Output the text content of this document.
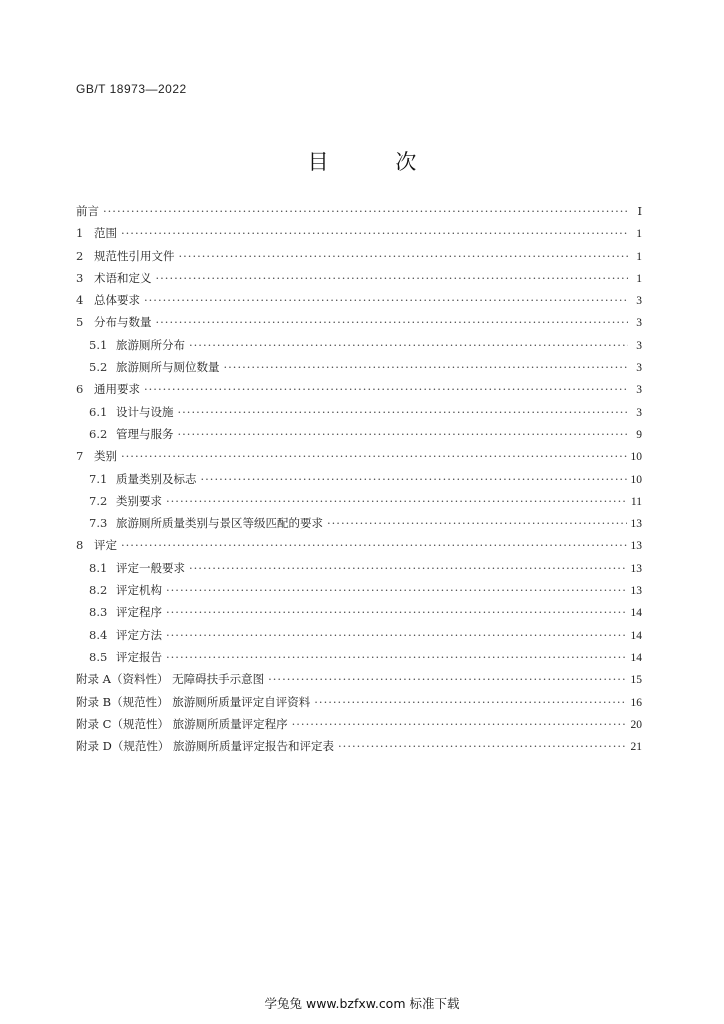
GB/T 18973—2022
目 次
前言 ·····	Ⅰ
1 范围 ·····	1
2 规范性引用文件 ·····	1
3 术语和定义 ·····	1
4 总体要求 ·····	3
5 分布与数量 ·····	3
5.1 旅游厕所分布 ·····	3
5.2 旅游厕所与厕位数量 ·····	3
6 通用要求 ·····	3
6.1 设计与设施 ·····	3
6.2 管理与服务 ·····	9
7 类别 ·····	10
7.1 质量类别及标志 ·····	10
7.2 类别要求 ·····	11
7.3 旅游厕所质量类别与景区等级匹配的要求 ·····	13
8 评定 ·····	13
8.1 评定一般要求 ·····	13
8.2 评定机构 ·····	13
8.3 评定程序 ·····	14
8.4 评定方法 ·····	14
8.5 评定报告 ·····	14
附录 A（资料性） 无障碍扶手示意图 ·····	15
附录 B（规范性） 旅游厕所质量评定自评资料 ·····	16
附录 C（规范性） 旅游厕所质量评定程序 ·····	20
附录 D（规范性） 旅游厕所质量评定报告和评定表 ·····	21
学兔兔 www.bzfxw.com 标准下载
